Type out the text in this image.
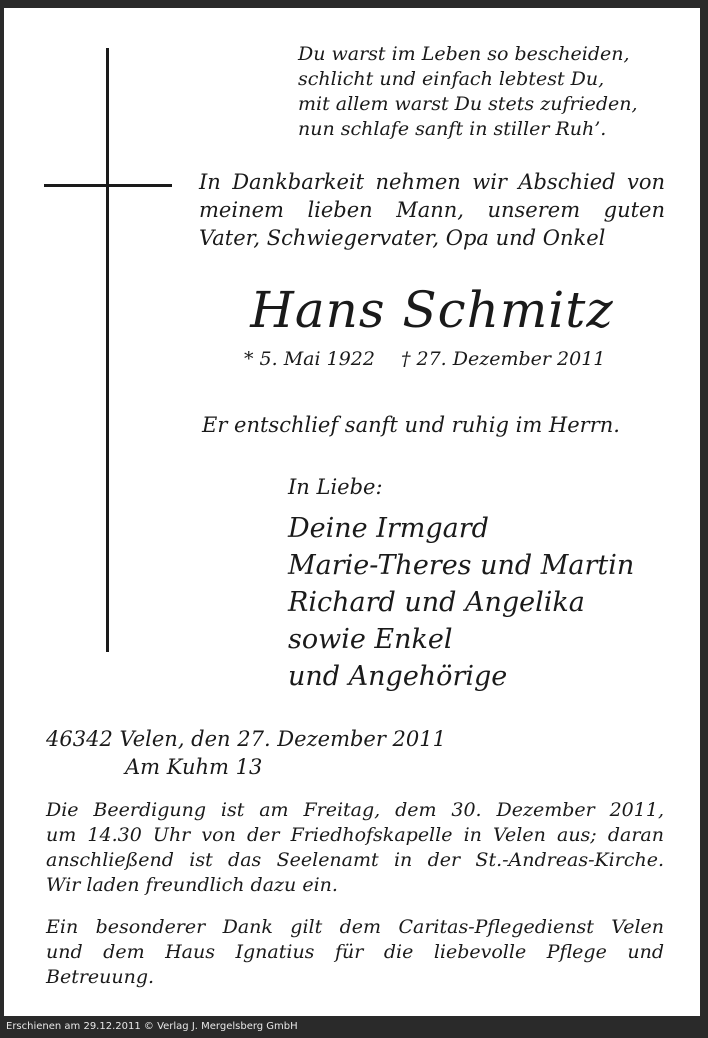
Du warst im Leben so bescheiden,
schlicht und einfach lebtest Du,
mit allem warst Du stets zufrieden,
nun schlafe sanft in stiller Ruh’.
In Dankbarkeit nehmen wir Abschied von
meinem lieben Mann, unserem guten
Vater, Schwiegervater, Opa und Onkel
Hans Schmitz
* 5. Mai 1922 † 27. Dezember 2011
Er entschlief sanft und ruhig im Herrn.
In Liebe:
Deine Irmgard
Marie-Theres und Martin
Richard und Angelika
sowie Enkel
und Angehörige
46342 Velen, den 27. Dezember 2011
Am Kuhm 13
Die Beerdigung ist am Freitag, dem 30. Dezember 2011,
um 14.30 Uhr von der Friedhofskapelle in Velen aus; daran
anschließend ist das Seelenamt in der St.-Andreas-Kirche.
Wir laden freundlich dazu ein.
Ein besonderer Dank gilt dem Caritas-Pflegedienst Velen
und dem Haus Ignatius für die liebevolle Pflege und
Betreuung.
Erschienen am 29.12.2011 © Verlag J. Mergelsberg GmbH
